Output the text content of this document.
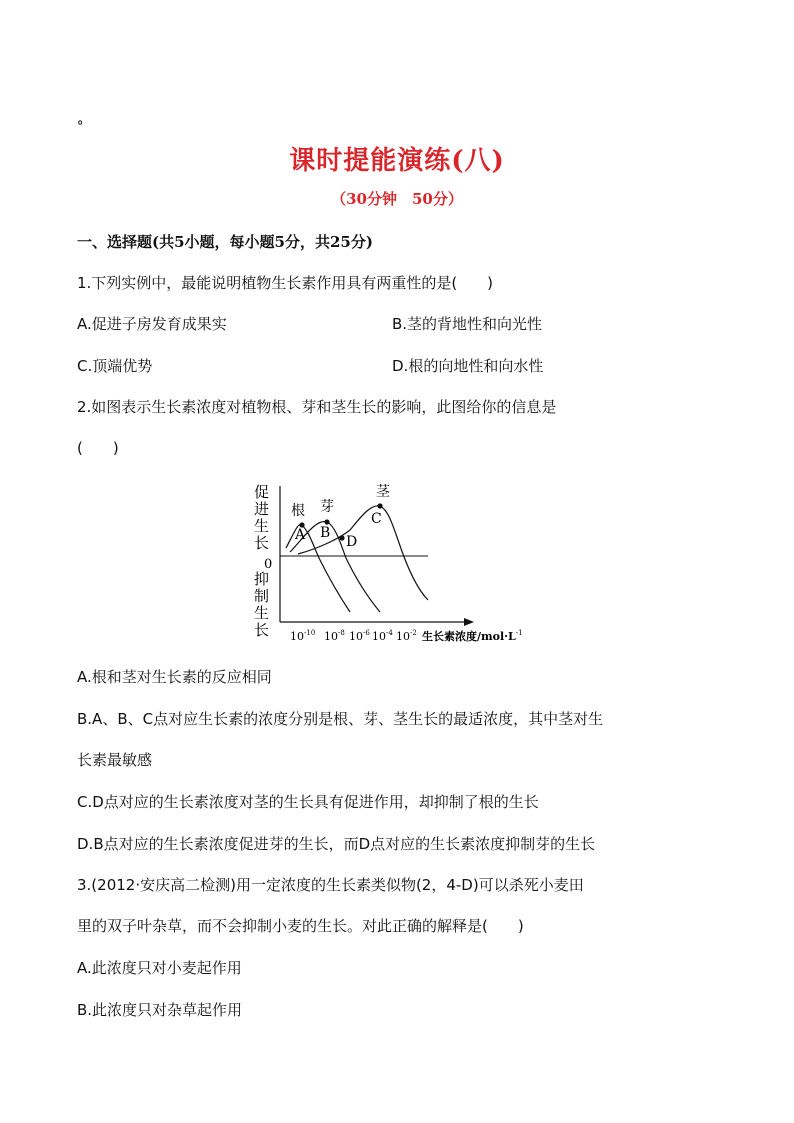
。
课时提能演练(八)
（30分钟　50分）
一、选择题(共5小题，每小题5分，共25分)
1.下列实例中，最能说明植物生长素作用具有两重性的是(　　)
A.促进子房发育成果实	B.茎的背地性和向光性
C.顶端优势	D.根的向地性和向水性
2.如图表示生长素浓度对植物根、芽和茎生长的影响，此图给你的信息是
(　　)
促
进
生
长
0
抑
制
生
长
根 芽
茎
A B
C
D
$10^{-10}$ $10^{-8}$ $10^{-6}$ $10^{-4}$ $10^{-2}$ 生长素浓度$/mol\cdot L^{-1}$
A.根和茎对生长素的反应相同
B.A、B、C点对应生长素的浓度分别是根、芽、茎生长的最适浓度，其中茎对生
长素最敏感
C.D点对应的生长素浓度对茎的生长具有促进作用，却抑制了根的生长
D.B点对应的生长素浓度促进芽的生长，而D点对应的生长素浓度抑制芽的生长
3.(2012·安庆高二检测)用一定浓度的生长素类似物(2，4-D)可以杀死小麦田
里的双子叶杂草，而不会抑制小麦的生长。对此正确的解释是(　　)
A.此浓度只对小麦起作用
B.此浓度只对杂草起作用
